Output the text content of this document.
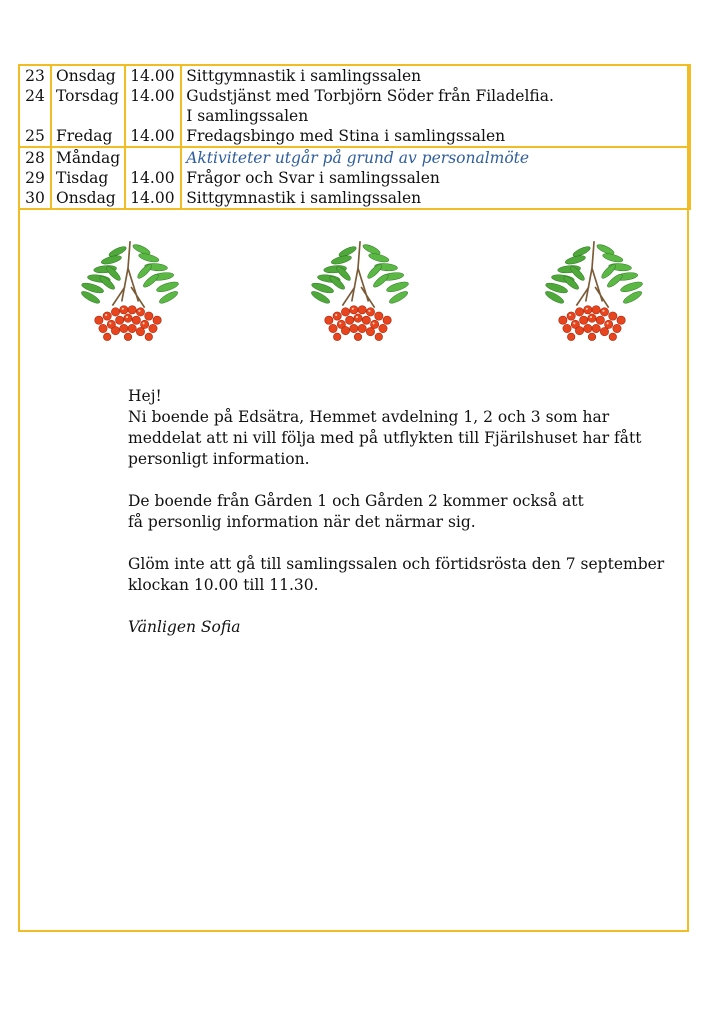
23	Onsdag	14.00	Sittgymnastik i samlingssalen
24	Torsdag	14.00	Gudstjänst med Torbjörn Söder från Filadelfia.
			I samlingssalen
25	Fredag	14.00	Fredagsbingo med Stina i samlingssalen
28	Måndag		Aktiviteter utgår på grund av personalmöte
29	Tisdag	14.00	Frågor och Svar i samlingssalen
30	Onsdag	14.00	Sittgymnastik i samlingssalen

Hej!
Ni boende på Edsätra, Hemmet avdelning 1, 2 och 3 som har
meddelat att ni vill följa med på utflykten till Fjärilshuset har fått
personligt information.

De boende från Gården 1 och Gården 2 kommer också att
få personlig information när det närmar sig.

Glöm inte att gå till samlingssalen och förtidsrösta den 7 september
klockan 10.00 till 11.30.

Vänligen Sofia
